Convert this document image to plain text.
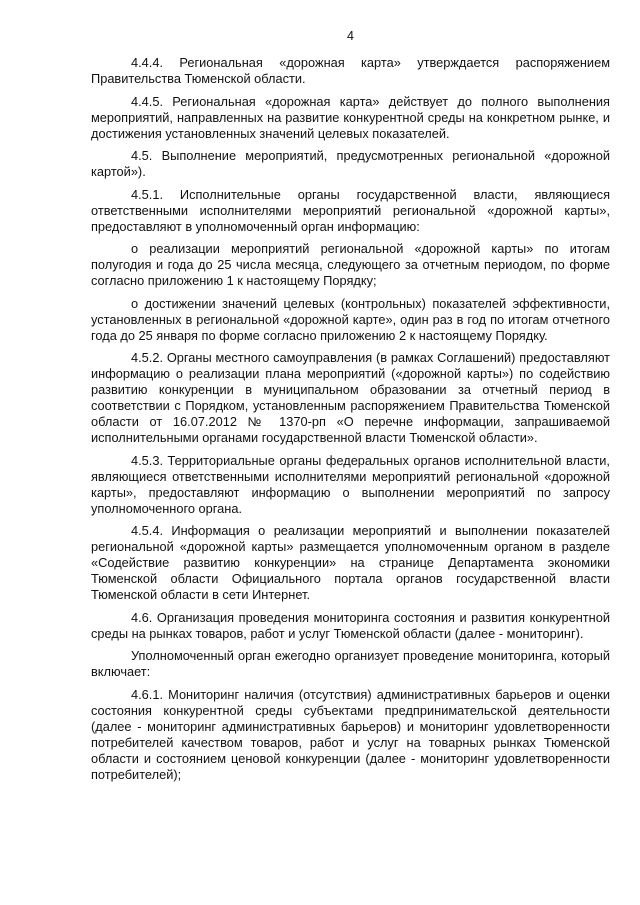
4

4.4.4. Региональная «дорожная карта» утверждается распоряжением Правительства Тюменской области.

4.4.5. Региональная «дорожная карта» действует до полного выполнения мероприятий, направленных на развитие конкурентной среды на конкретном рынке, и достижения установленных значений целевых показателей.

4.5. Выполнение мероприятий, предусмотренных региональной «дорожной картой»).

4.5.1. Исполнительные органы государственной власти, являющиеся ответственными исполнителями мероприятий региональной «дорожной карты», предоставляют в уполномоченный орган информацию:

о реализации мероприятий региональной «дорожной карты» по итогам полугодия и года до 25 числа месяца, следующего за отчетным периодом, по форме согласно приложению 1 к настоящему Порядку;

о достижении значений целевых (контрольных) показателей эффективности, установленных в региональной «дорожной карте», один раз в год по итогам отчетного года до 25 января по форме согласно приложению 2 к настоящему Порядку.

4.5.2. Органы местного самоуправления (в рамках Соглашений) предоставляют информацию о реализации плана мероприятий («дорожной карты») по содействию развитию конкуренции в муниципальном образовании за отчетный период в соответствии с Порядком, установленным распоряжением Правительства Тюменской области от 16.07.2012 № 1370-рп «О перечне информации, запрашиваемой исполнительными органами государственной власти Тюменской области».

4.5.3. Территориальные органы федеральных органов исполнительной власти, являющиеся ответственными исполнителями мероприятий региональной «дорожной карты», предоставляют информацию о выполнении мероприятий по запросу уполномоченного органа.

4.5.4. Информация о реализации мероприятий и выполнении показателей региональной «дорожной карты» размещается уполномоченным органом в разделе «Содействие развитию конкуренции» на странице Департамента экономики Тюменской области Официального портала органов государственной власти Тюменской области в сети Интернет.

4.6. Организация проведения мониторинга состояния и развития конкурентной среды на рынках товаров, работ и услуг Тюменской области (далее - мониторинг).

Уполномоченный орган ежегодно организует проведение мониторинга, который включает:

4.6.1. Мониторинг наличия (отсутствия) административных барьеров и оценки состояния конкурентной среды субъектами предпринимательской деятельности (далее - мониторинг административных барьеров) и мониторинг удовлетворенности потребителей качеством товаров, работ и услуг на товарных рынках Тюменской области и состоянием ценовой конкуренции (далее - мониторинг удовлетворенности потребителей);
